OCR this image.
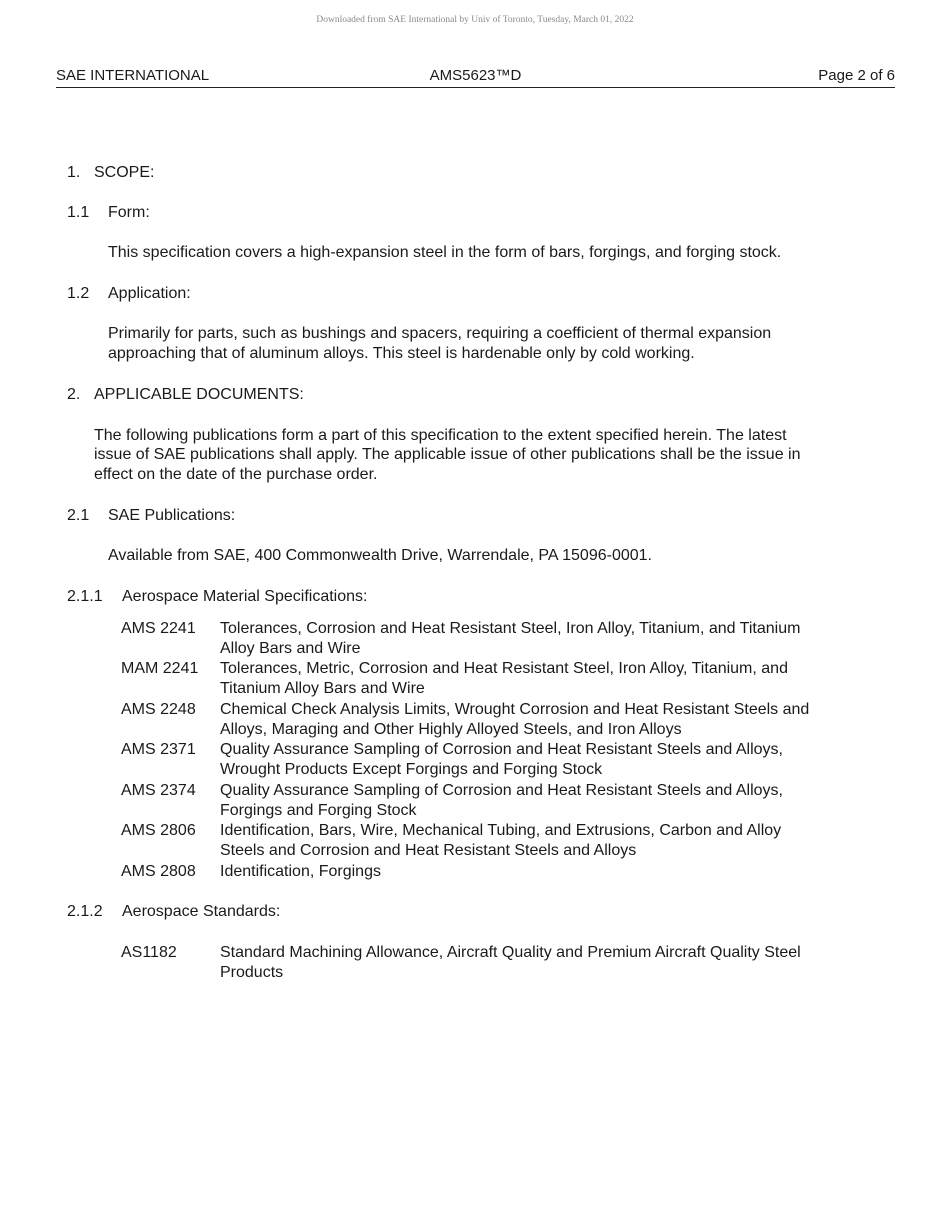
Downloaded from SAE International by Univ of Toronto, Tuesday, March 01, 2022
AMS5623™D
SAE INTERNATIONAL	Page 2 of 6
1. SCOPE:
1.1 Form:
This specification covers a high-expansion steel in the form of bars, forgings, and forging stock.
1.2 Application:
Primarily for parts, such as bushings and spacers, requiring a coefficient of thermal expansion
approaching that of aluminum alloys. This steel is hardenable only by cold working.
2. APPLICABLE DOCUMENTS:
The following publications form a part of this specification to the extent specified herein. The latest
issue of SAE publications shall apply. The applicable issue of other publications shall be the issue in
effect on the date of the purchase order.
2.1 SAE Publications:
Available from SAE, 400 Commonwealth Drive, Warrendale, PA 15096-0001.
2.1.1 Aerospace Material Specifications:
AMS 2241 Tolerances, Corrosion and Heat Resistant Steel, Iron Alloy, Titanium, and Titanium
Alloy Bars and Wire
MAM 2241 Tolerances, Metric, Corrosion and Heat Resistant Steel, Iron Alloy, Titanium, and
Titanium Alloy Bars and Wire
AMS 2248 Chemical Check Analysis Limits, Wrought Corrosion and Heat Resistant Steels and
Alloys, Maraging and Other Highly Alloyed Steels, and Iron Alloys
AMS 2371 Quality Assurance Sampling of Corrosion and Heat Resistant Steels and Alloys,
Wrought Products Except Forgings and Forging Stock
AMS 2374 Quality Assurance Sampling of Corrosion and Heat Resistant Steels and Alloys,
Forgings and Forging Stock
AMS 2806 Identification, Bars, Wire, Mechanical Tubing, and Extrusions, Carbon and Alloy
Steels and Corrosion and Heat Resistant Steels and Alloys
AMS 2808 Identification, Forgings
2.1.2 Aerospace Standards:
AS1182	Standard Machining Allowance, Aircraft Quality and Premium Aircraft Quality Steel
Products
